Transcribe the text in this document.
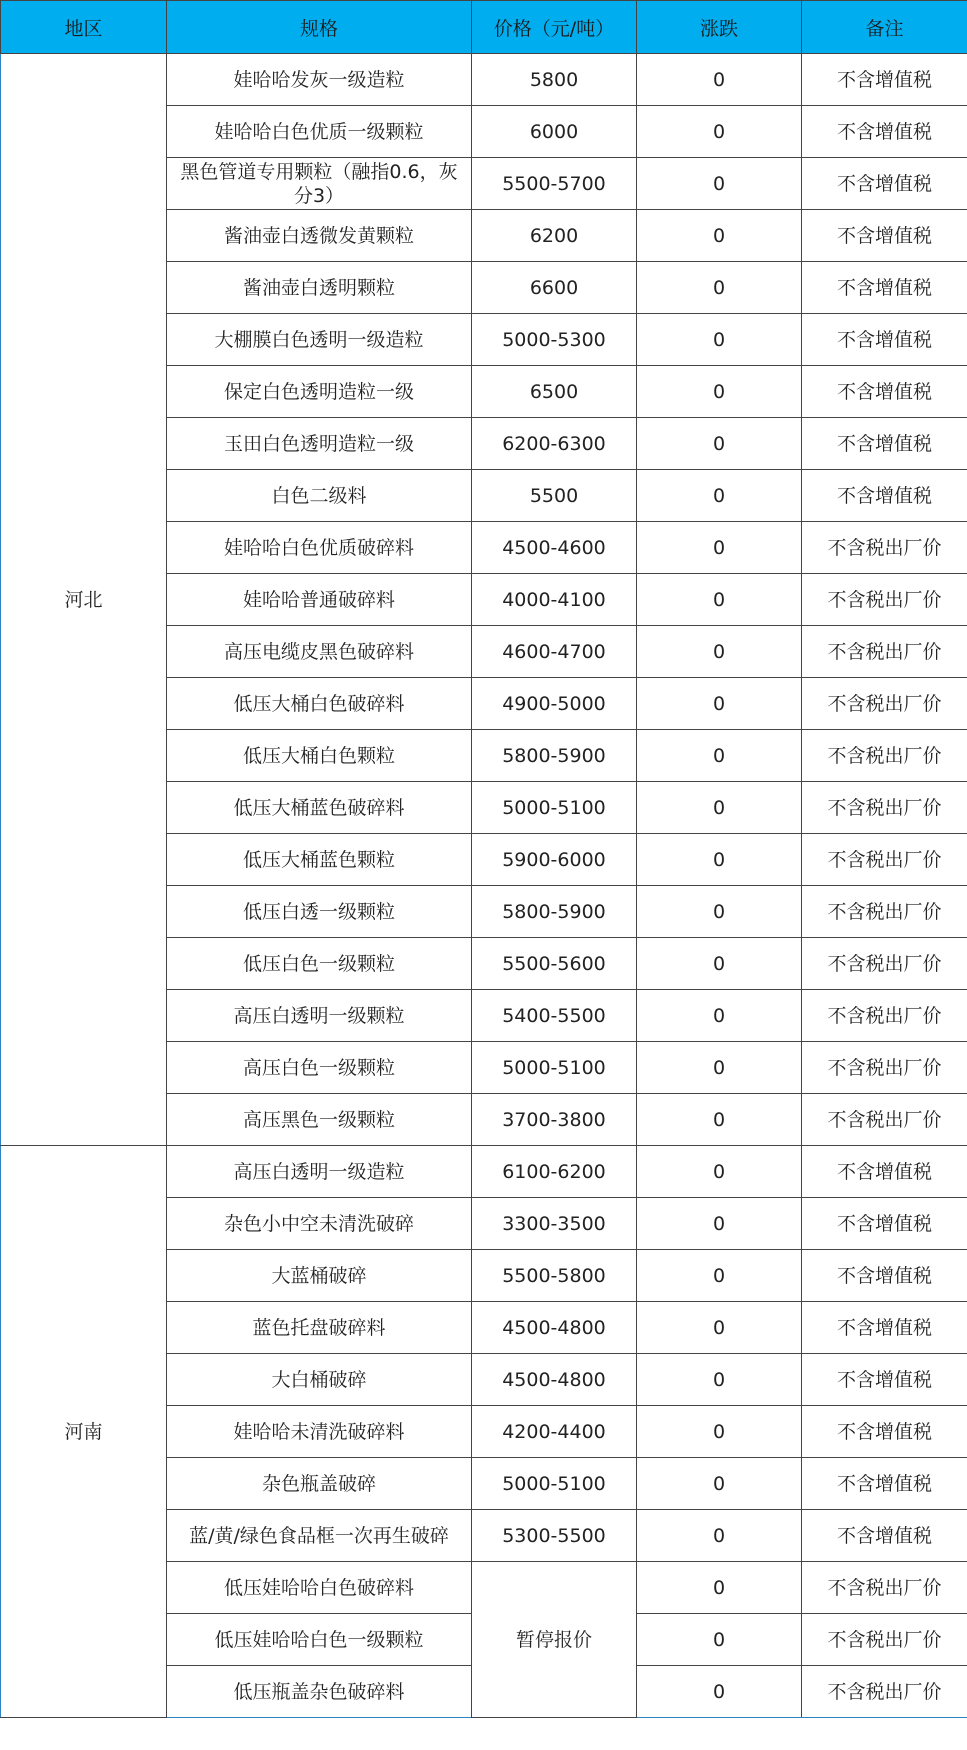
地区	规格	价格（元/吨）	涨跌	备注
河北	娃哈哈发灰一级造粒	5800	0	不含增值税
	娃哈哈白色优质一级颗粒	6000	0	不含增值税
	黑色管道专用颗粒（融指0.6，灰分3）	5500-5700	0	不含增值税
	酱油壶白透微发黄颗粒	6200	0	不含增值税
	酱油壶白透明颗粒	6600	0	不含增值税
	大棚膜白色透明一级造粒	5000-5300	0	不含增值税
	保定白色透明造粒一级	6500	0	不含增值税
	玉田白色透明造粒一级	6200-6300	0	不含增值税
	白色二级料	5500	0	不含增值税
	娃哈哈白色优质破碎料	4500-4600	0	不含税出厂价
	娃哈哈普通破碎料	4000-4100	0	不含税出厂价
	高压电缆皮黑色破碎料	4600-4700	0	不含税出厂价
	低压大桶白色破碎料	4900-5000	0	不含税出厂价
	低压大桶白色颗粒	5800-5900	0	不含税出厂价
	低压大桶蓝色破碎料	5000-5100	0	不含税出厂价
	低压大桶蓝色颗粒	5900-6000	0	不含税出厂价
	低压白透一级颗粒	5800-5900	0	不含税出厂价
	低压白色一级颗粒	5500-5600	0	不含税出厂价
	高压白透明一级颗粒	5400-5500	0	不含税出厂价
	高压白色一级颗粒	5000-5100	0	不含税出厂价
	高压黑色一级颗粒	3700-3800	0	不含税出厂价
河南	高压白透明一级造粒	6100-6200	0	不含增值税
	杂色小中空未清洗破碎	3300-3500	0	不含增值税
	大蓝桶破碎	5500-5800	0	不含增值税
	蓝色托盘破碎料	4500-4800	0	不含增值税
	大白桶破碎	4500-4800	0	不含增值税
	娃哈哈未清洗破碎料	4200-4400	0	不含增值税
	杂色瓶盖破碎	5000-5100	0	不含增值税
	蓝/黄/绿色食品框一次再生破碎	5300-5500	0	不含增值税
	低压娃哈哈白色破碎料	暂停报价	0	不含税出厂价
	低压娃哈哈白色一级颗粒		0	不含税出厂价
	低压瓶盖杂色破碎料		0	不含税出厂价
